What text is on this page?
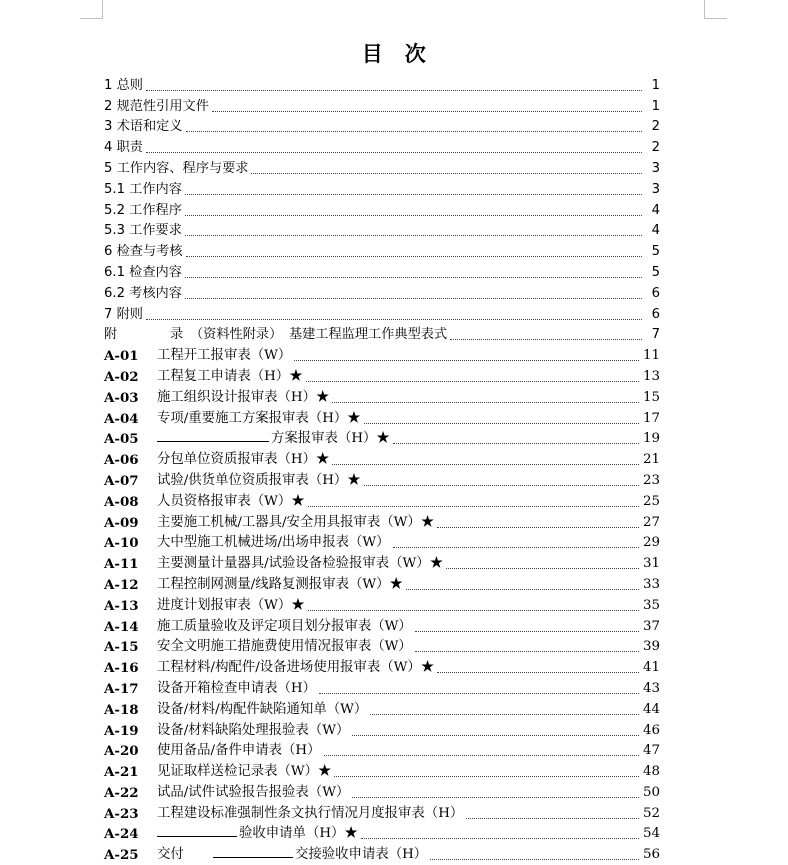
目　次
1 总则	1
2 规范性引用文件	1
3 术语和定义	2
4 职责	2
5 工作内容、程序与要求	3
5.1 工作内容	3
5.2 工作程序	4
5.3 工作要求	4
6 检查与考核	5
6.1 检查内容	5
6.2 考核内容	6
7 附则	6
附	录 （资料性附录）　基建工程监理工作典型表式	7
A-01	工程开工报审表（W）	11
A-02	工程复工申请表（H）★	13
A-03	施工组织设计报审表（H）★	15
A-04	专项/重要施工方案报审表（H）★	17
A-05	方案报审表（H）★	19
A-06	分包单位资质报审表（H）★	21
A-07	试验/供货单位资质报审表（H）★	23
A-08	人员资格报审表（W）★	25
A-09	主要施工机械/工器具/安全用具报审表（W）★	27
A-10	大中型施工机械进场/出场申报表（W）	29
A-11	主要测量计量器具/试验设备检验报审表（W）★	31
A-12	工程控制网测量/线路复测报审表（W）★	33
A-13	进度计划报审表（W）★	35
A-14	施工质量验收及评定项目划分报审表（W）	37
A-15	安全文明施工措施费使用情况报审表（W）	39
A-16	工程材料/构配件/设备进场使用报审表（W）★	41
A-17	设备开箱检查申请表（H）	43
A-18	设备/材料/构配件缺陷通知单（W）	44
A-19	设备/材料缺陷处理报验表（W）	46
A-20	使用备品/备件申请表（H）	47
A-21	见证取样送检记录表（W）★	48
A-22	试品/试件试验报告报验表（W）	50
A-23	工程建设标准强制性条文执行情况月度报审表（H）	52
A-24	验收申请单（H）★	54
A-25	交付	交接验收申请表（H）	56
